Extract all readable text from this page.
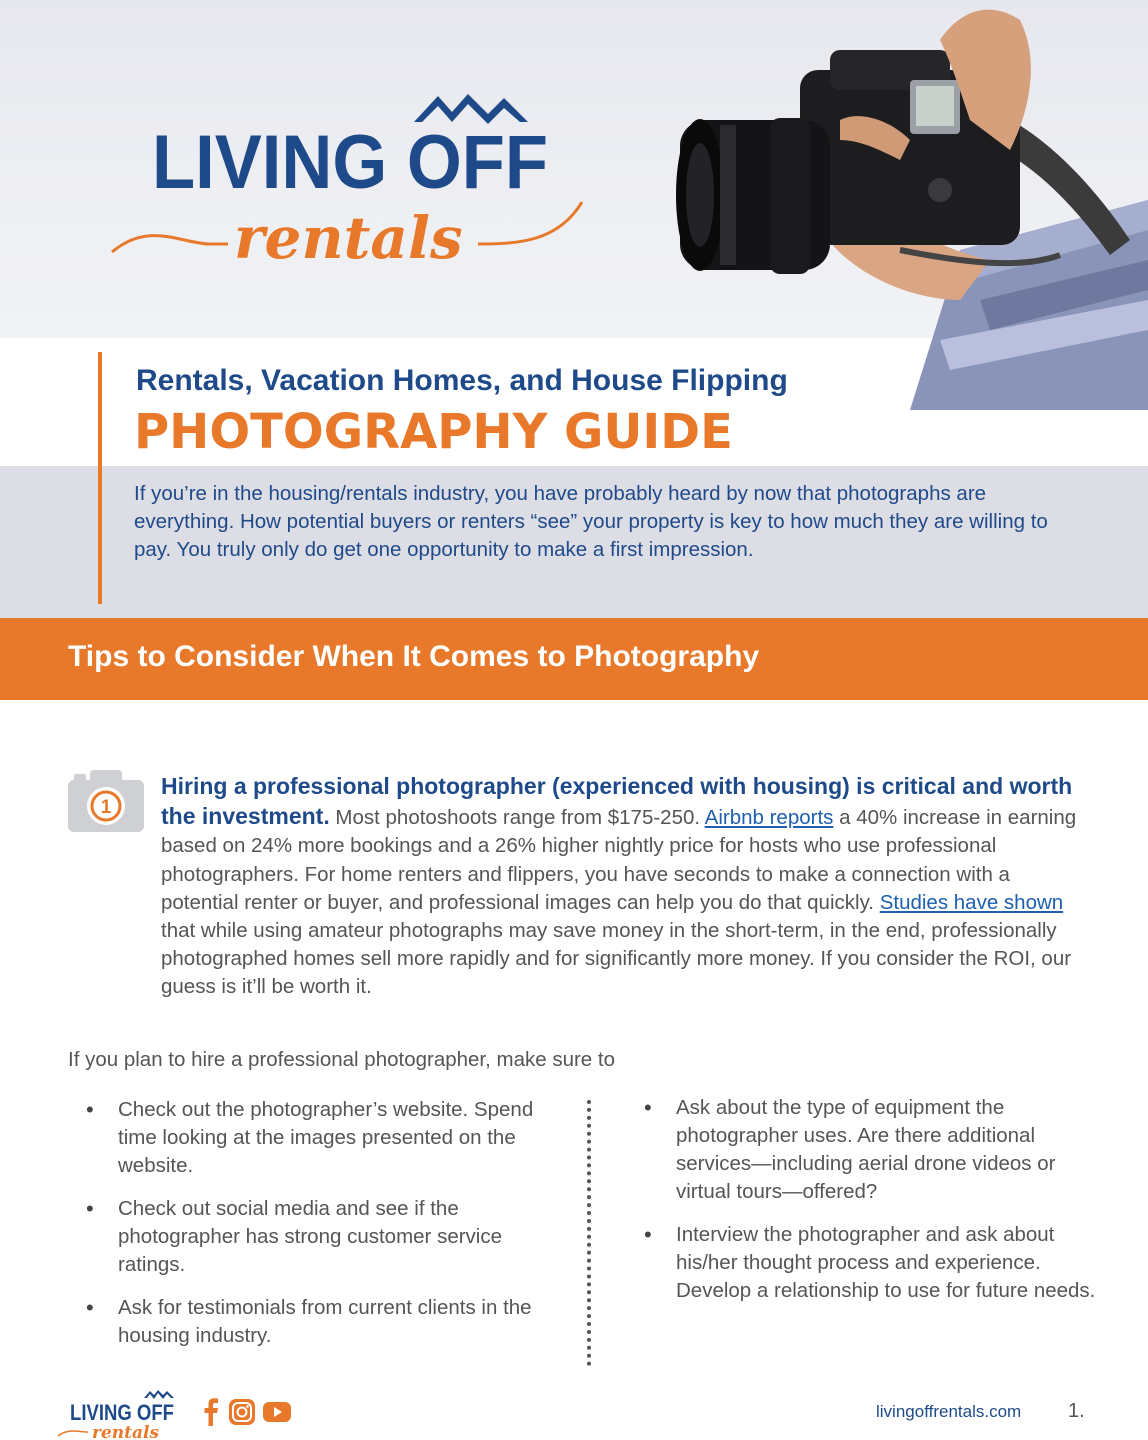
LIVING OFF
rentals
Rentals, Vacation Homes, and House Flipping
PHOTOGRAPHY GUIDE

If you’re in the housing/rentals industry, you have probably heard by now that photographs are everything. How potential buyers or renters “see” your property is key to how much they are willing to pay. You truly only do get one opportunity to make a first impression.

Tips to Consider When It Comes to Photography
1

Hiring a professional photographer (experienced with housing) is critical and worth the investment. Most photoshoots range from $175-250. Airbnb reports a 40% increase in earning based on 24% more bookings and a 26% higher nightly price for hosts who use professional photographers. For home renters and flippers, you have seconds to make a connection with a potential renter or buyer, and professional images can help you do that quickly. Studies have shown that while using amateur photographs may save money in the short-term, in the end, professionally photographed homes sell more rapidly and for significantly more money. If you consider the ROI, our guess is it’ll be worth it.

If you plan to hire a professional photographer, make sure to

• Check out the photographer’s website. Spend time looking at the images presented on the website.
• Check out social media and see if the photographer has strong customer service ratings.
• Ask for testimonials from current clients in the housing industry.
• Ask about the type of equipment the photographer uses. Are there additional services—including aerial drone videos or virtual tours—offered?
• Interview the photographer and ask about his/her thought process and experience. Develop a relationship to use for future needs.
LIVING OFF
rentals
livingoffrentals.com 1.
